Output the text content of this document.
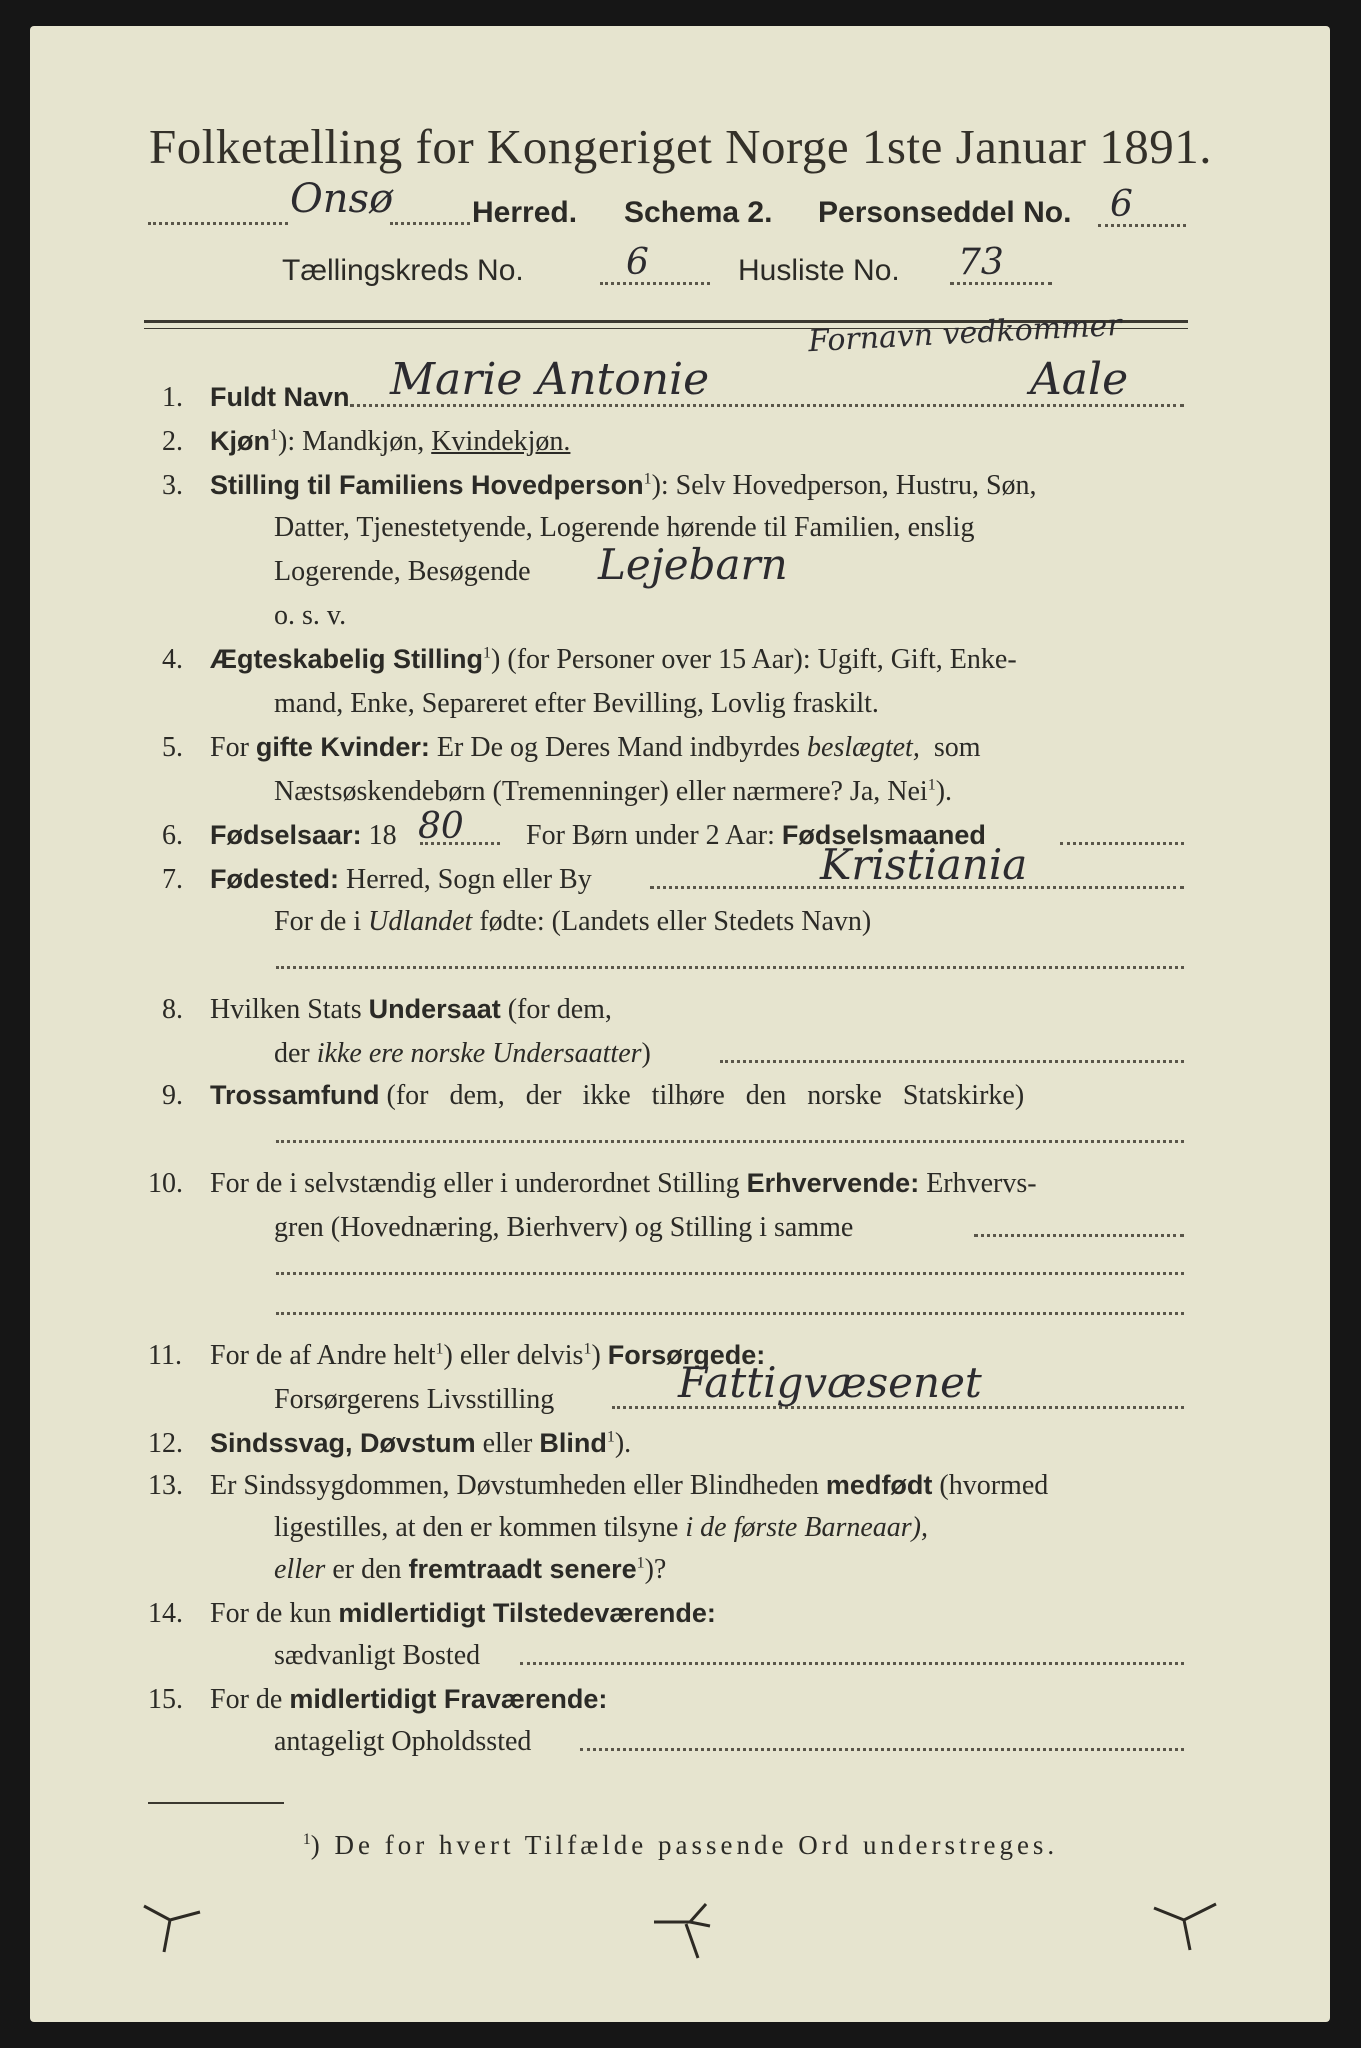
Folketælling for Kongeriget Norge 1ste Januar 1891.
Onsø	Herred. Schema 2. Personseddel No. 6
Tællingskreds No.	6	Husliste No. 73
Fornavn vedkommer
1. Fuldt Navn Marie Antonie	Aale
2. Kjøn$^1$): Mandkjøn, Kvindekjøn.
3. Stilling til Familiens Hovedperson$^1$): Selv Hovedperson, Hustru, Søn,
Datter, Tjenestetyende, Logerende hørende til Familien, enslig
Logerende, Besøgende Lejebarn
o. s. v.
4. Ægteskabelig Stilling$^1$) (for Personer over 15 Aar): Ugift, Gift, Enke-
mand, Enke, Separeret efter Bevilling, Lovlig fraskilt.
5. For gifte Kvinder: Er De og Deres Mand indbyrdes beslægtet, som
Næstsøskendebørn (Tremenninger) eller nærmere? Ja, Nei$^1$).
6. Fødselsaar: 18 80 For Børn under 2 Aar: Fødselsmaaned
7. Fødested: Herred, Sogn eller By	Kristiania
For de i Udlandet fødte: (Landets eller Stedets Navn)
8. Hvilken Stats Undersaat (for dem,
der ikke ere norske Undersaatter)
9. Trossamfund (for   dem,   der   ikke   tilhøre   den   norske   Statskirke)
10. For de i selvstændig eller i underordnet Stilling Erhvervende: Erhvervs-
gren (Hovednæring, Bierhverv) og Stilling i samme
11. For de af Andre helt$^1$) eller delvis$^1$) Forsørgede:
Forsørgerens Livsstilling	Fattigvæsenet
12. Sindssvag, Døvstum eller Blind$^1$).
13. Er Sindssygdommen, Døvstumheden eller Blindheden medfødt (hvormed
ligestilles, at den er kommen tilsyne i de første Barneaar),
eller er den fremtraadt senere$^1$)?
14. For de kun midlertidigt Tilstedeværende:
sædvanligt Bosted
15. For de midlertidigt Fraværende:
antageligt Opholdssted
$^1$) De for hvert Tilfælde passende Ord understreges.
